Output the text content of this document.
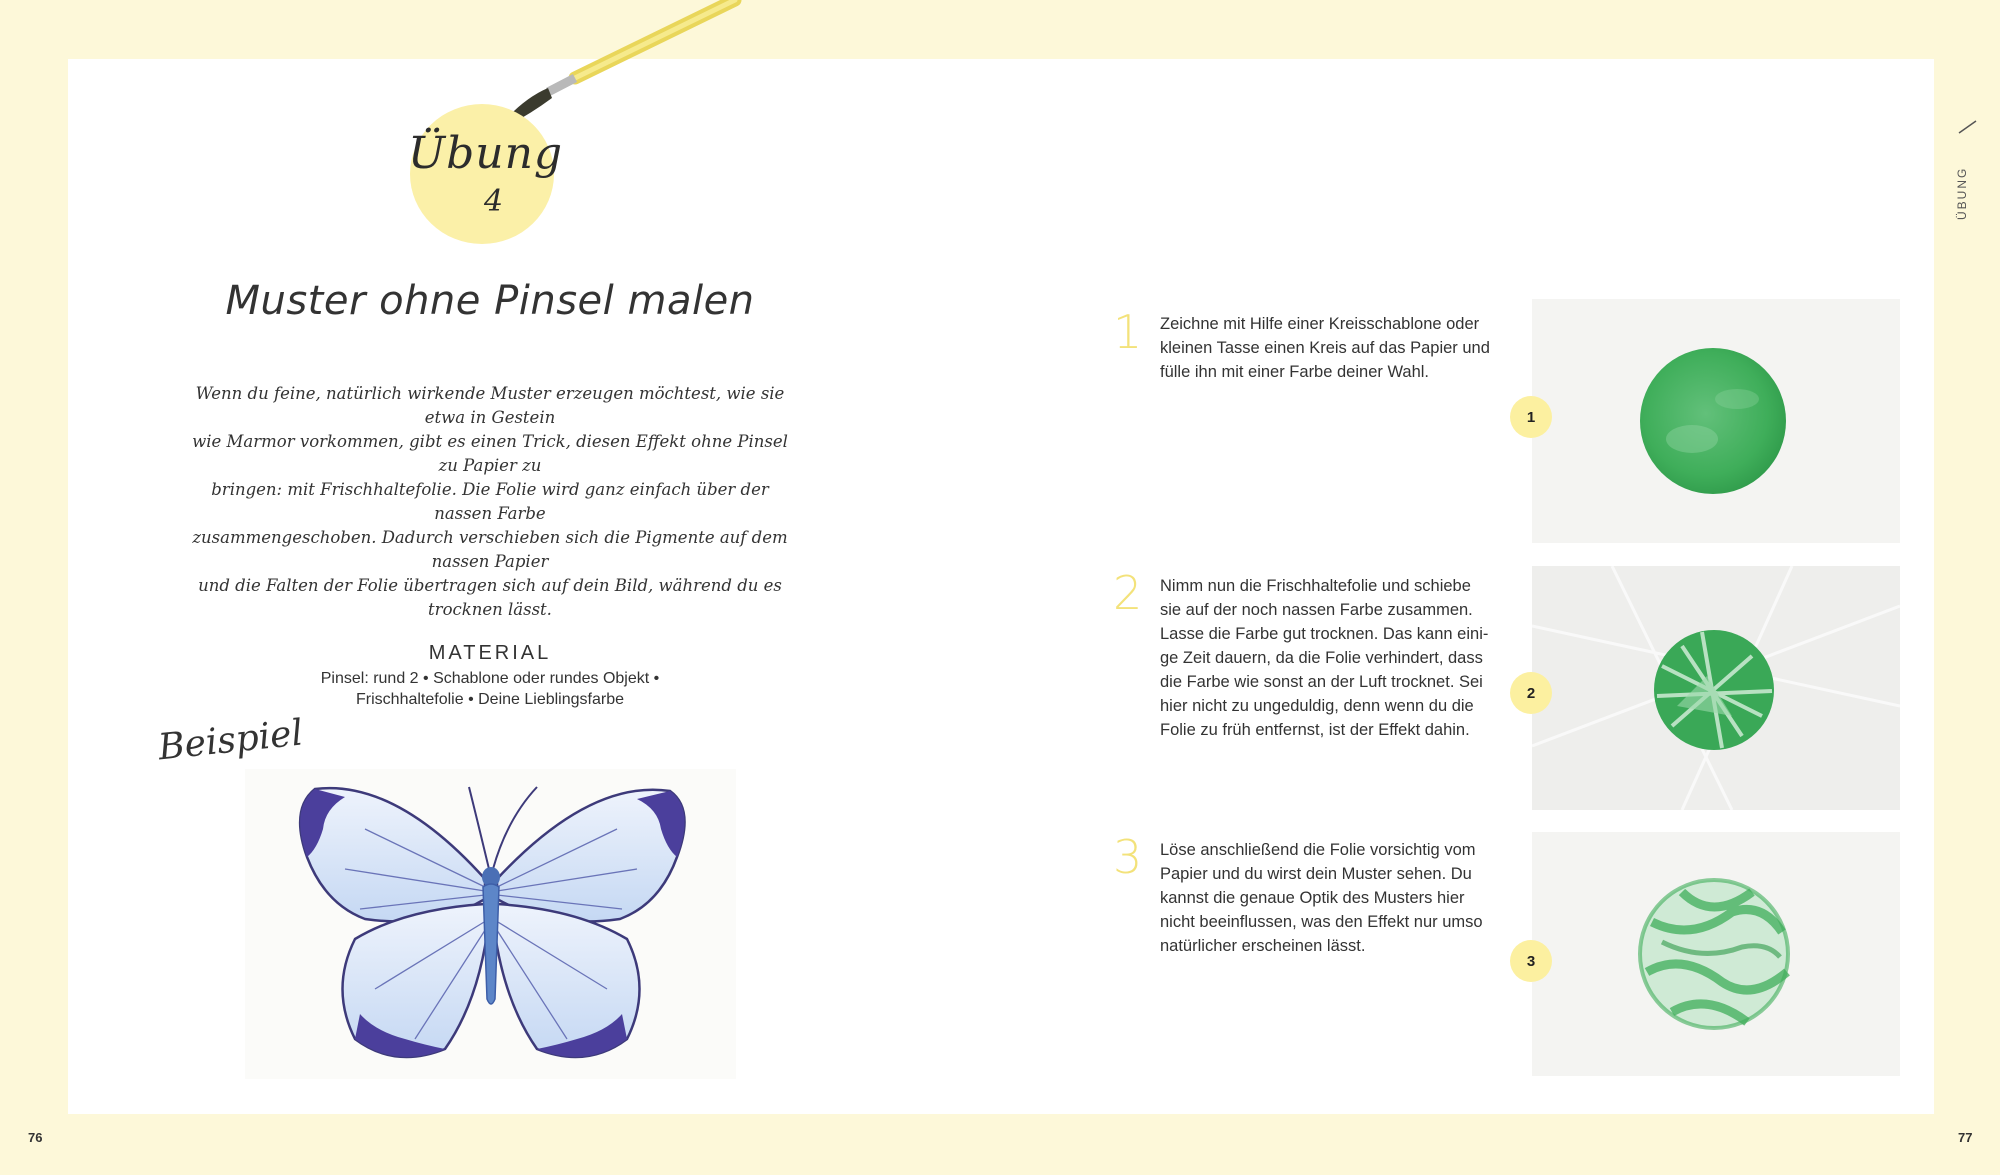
Übung
4
Muster ohne Pinsel malen
Wenn du feine, natürlich wirkende Muster erzeugen möchtest, wie sie etwa in Gestein
wie Marmor vorkommen, gibt es einen Trick, diesen Effekt ohne Pinsel zu Papier zu
bringen: mit Frischhaltefolie. Die Folie wird ganz einfach über der nassen Farbe
zusammengeschoben. Dadurch verschieben sich die Pigmente auf dem nassen Papier
und die Falten der Folie übertragen sich auf dein Bild, während du es trocknen lässt.
MATERIAL
Pinsel: rund 2 • Schablone oder rundes Objekt •
Frischhaltefolie • Deine Lieblingsfarbe
Beispiel
76
ÜBUNG
1	Zeichne mit Hilfe einer Kreisschablone oder
kleinen Tasse einen Kreis auf das Papier und
fülle ihn mit einer Farbe deiner Wahl.
1
2	Nimm nun die Frischhaltefolie und schiebe
sie auf der noch nassen Farbe zusammen.
Lasse die Farbe gut trocknen. Das kann eini-
ge Zeit dauern, da die Folie verhindert, dass
die Farbe wie sonst an der Luft trocknet. Sei
hier nicht zu ungeduldig, denn wenn du die
Folie zu früh entfernst, ist der Effekt dahin.
2
3	Löse anschließend die Folie vorsichtig vom
Papier und du wirst dein Muster sehen. Du
kannst die genaue Optik des Musters hier
nicht beeinflussen, was den Effekt nur umso
natürlicher erscheinen lässt.
3
77
